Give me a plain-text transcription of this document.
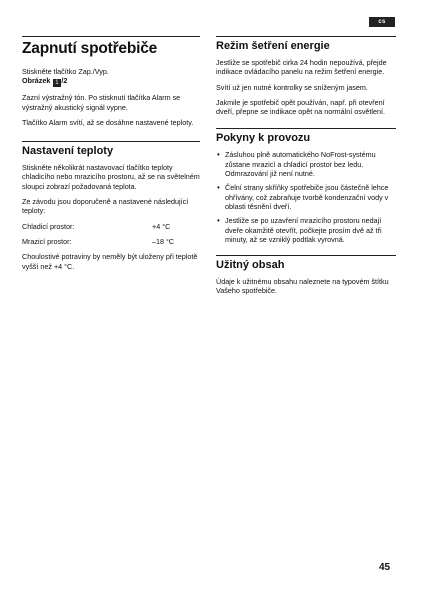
cs
Zapnutí spotřebiče

Stiskněte tlačítko Zap./Vyp.

Obrázek 1 /2

Zazní výstražný tón. Po stisknutí tlačítka Alarm se výstražný akustický signál vypne.

Tlačítko Alarm svítí, až se dosáhne nastavené teploty.

Nastavení teploty

Stiskněte několikrát nastavovací tlačítko teploty chladicího nebo mrazicího prostoru, až se na světelném sloupci zobrazí požadovaná teplota.

Ze závodu jsou doporučeně a nastavené následující teploty:

Chladicí prostor:	+4 °C
Mrazicí prostor:	–18 °C

Choulostivé potraviny by neměly být uloženy při teplotě vyšší než +4 °C.

Režim šetření energie

Jestliže se spotřebič cirka 24 hodin nepoužívá, přejde indikace ovládacího panelu na režim šetření energie.

Svítí už jen nutné kontrolky se sníženým jasem.

Jakmile je spotřebič opět používán, např. při otevření dveří, přepne se indikace opět na normální osvětlení.

Pokyny k provozu
• Zásluhou plně automatického NoFrost-systému zůstane mrazicí a chladicí prostor bez ledu. Odmrazování již není nutné.
• Čelní strany skříňky spotřebiče jsou částečně lehce ohřívány, což zabraňuje tvorbě kondenzační vody v oblasti těsnění dveří.
• Jestliže se po uzavření mrazicího prostoru nedají dveře okamžitě otevřít, počkejte prosím dvě až tři minuty, až se vzniklý podtlak vyrovná.
Užitný obsah

Údaje k užitnému obsahu naleznete na typovém štítku Vašeho spotřebiče.

45
